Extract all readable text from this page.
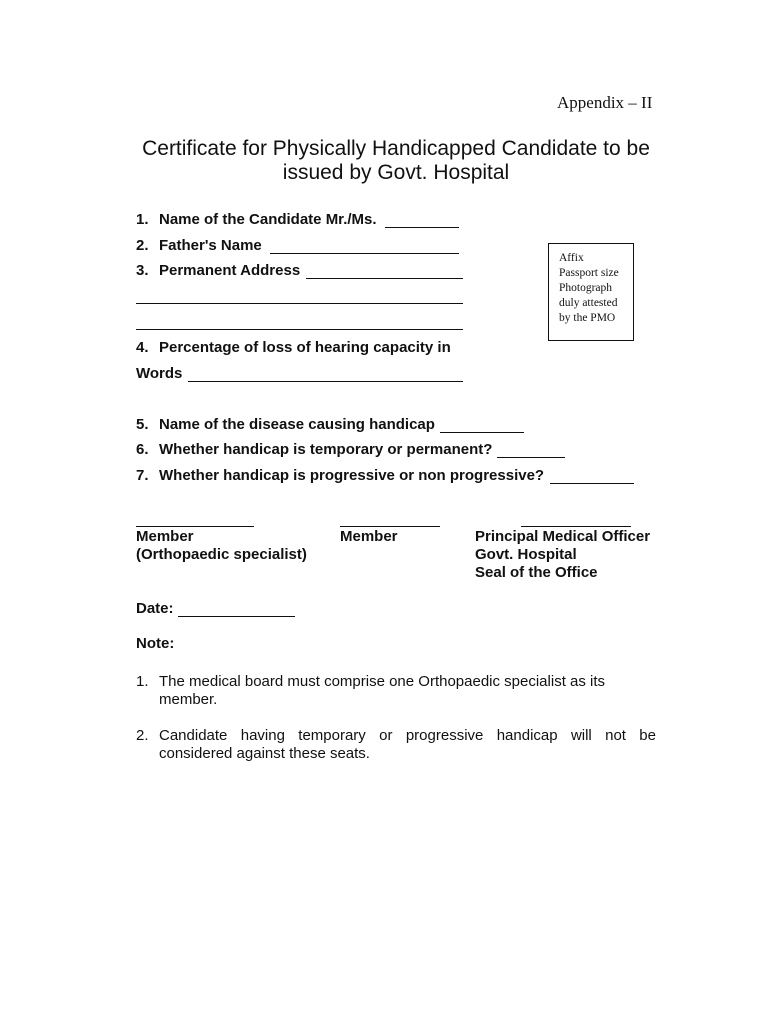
Appendix – II
Certificate for Physically Handicapped Candidate to be
issued by Govt. Hospital
1. Name of the Candidate Mr./Ms.
2. Father's Name
3. Permanent Address
Affix
Passport size
Photograph
duly attested
by the PMO
4. Percentage of loss of hearing capacity in
Words
5. Name of the disease causing handicap
6. Whether handicap is temporary or permanent?
7. Whether handicap is progressive or non progressive?
Member
(Orthopaedic specialist)
Member	Principal Medical Officer
Govt. Hospital
Seal of the Office
Date:
Note:
1. The medical board must comprise one Orthopaedic specialist as its
member.
2. Candidate having temporary or progressive handicap will not be
considered against these seats.
